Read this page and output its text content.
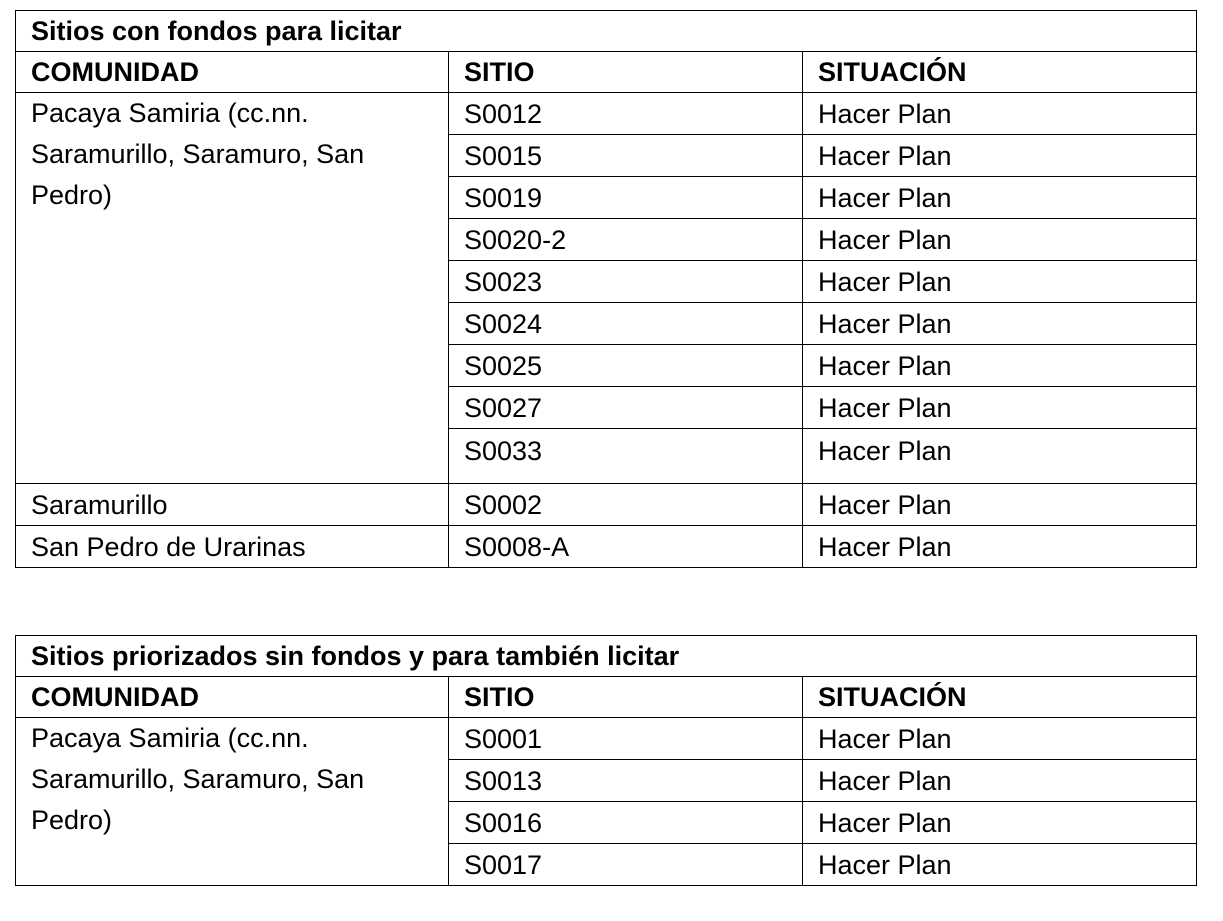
Sitios con fondos para licitar		
COMUNIDAD	SITIO	SITUACIÓN
Pacaya Samiria (cc.nn. Saramurillo, Saramuro, San Pedro)	S0012	Hacer Plan
	S0015	Hacer Plan
	S0019	Hacer Plan
	S0020-2	Hacer Plan
	S0023	Hacer Plan
	S0024	Hacer Plan
	S0025	Hacer Plan
	S0027	Hacer Plan
	S0033	Hacer Plan
Saramurillo	S0002	Hacer Plan
San Pedro de Urarinas	S0008-A	Hacer Plan
Sitios priorizados sin fondos y para también licitar		
COMUNIDAD	SITIO	SITUACIÓN
Pacaya Samiria (cc.nn. Saramurillo, Saramuro, San Pedro)	S0001	Hacer Plan
	S0013	Hacer Plan
	S0016	Hacer Plan
	S0017	Hacer Plan
